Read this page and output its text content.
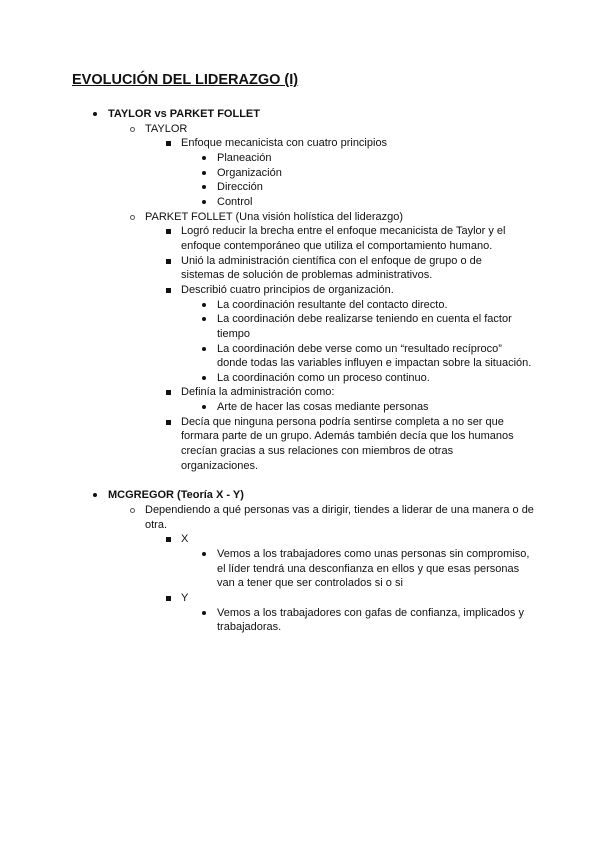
EVOLUCIÓN DEL LIDERAZGO (I)
TAYLOR vs PARKET FOLLET
TAYLOR
Enfoque mecanicista con cuatro principios
Planeación
Organización
Dirección
Control
PARKET FOLLET (Una visión holística del liderazgo)
Logró reducir la brecha entre el enfoque mecanicista de Taylor y el enfoque contemporáneo que utiliza el comportamiento humano.
Unió la administración científica con el enfoque de grupo o de sistemas de solución de problemas administrativos.
Describió cuatro principios de organización.
La coordinación resultante del contacto directo.
La coordinación debe realizarse teniendo en cuenta el factor tiempo
La coordinación debe verse como un “resultado recíproco” donde todas las variables influyen e impactan sobre la situación.
La coordinación como un proceso continuo.
Definía la administración como:
Arte de hacer las cosas mediante personas
Decía que ninguna persona podría sentirse completa a no ser que formara parte de un grupo. Además también decía que los humanos crecían gracias a sus relaciones con miembros de otras organizaciones.
MCGREGOR (Teoría X - Y)
Dependiendo a qué personas vas a dirigir, tiendes a liderar de una manera o de otra.
X
Vemos a los trabajadores como unas personas sin compromiso, el líder tendrá una desconfianza en ellos y que esas personas van a tener que ser controlados si o si
Y
Vemos a los trabajadores con gafas de confianza, implicados y trabajadoras.
